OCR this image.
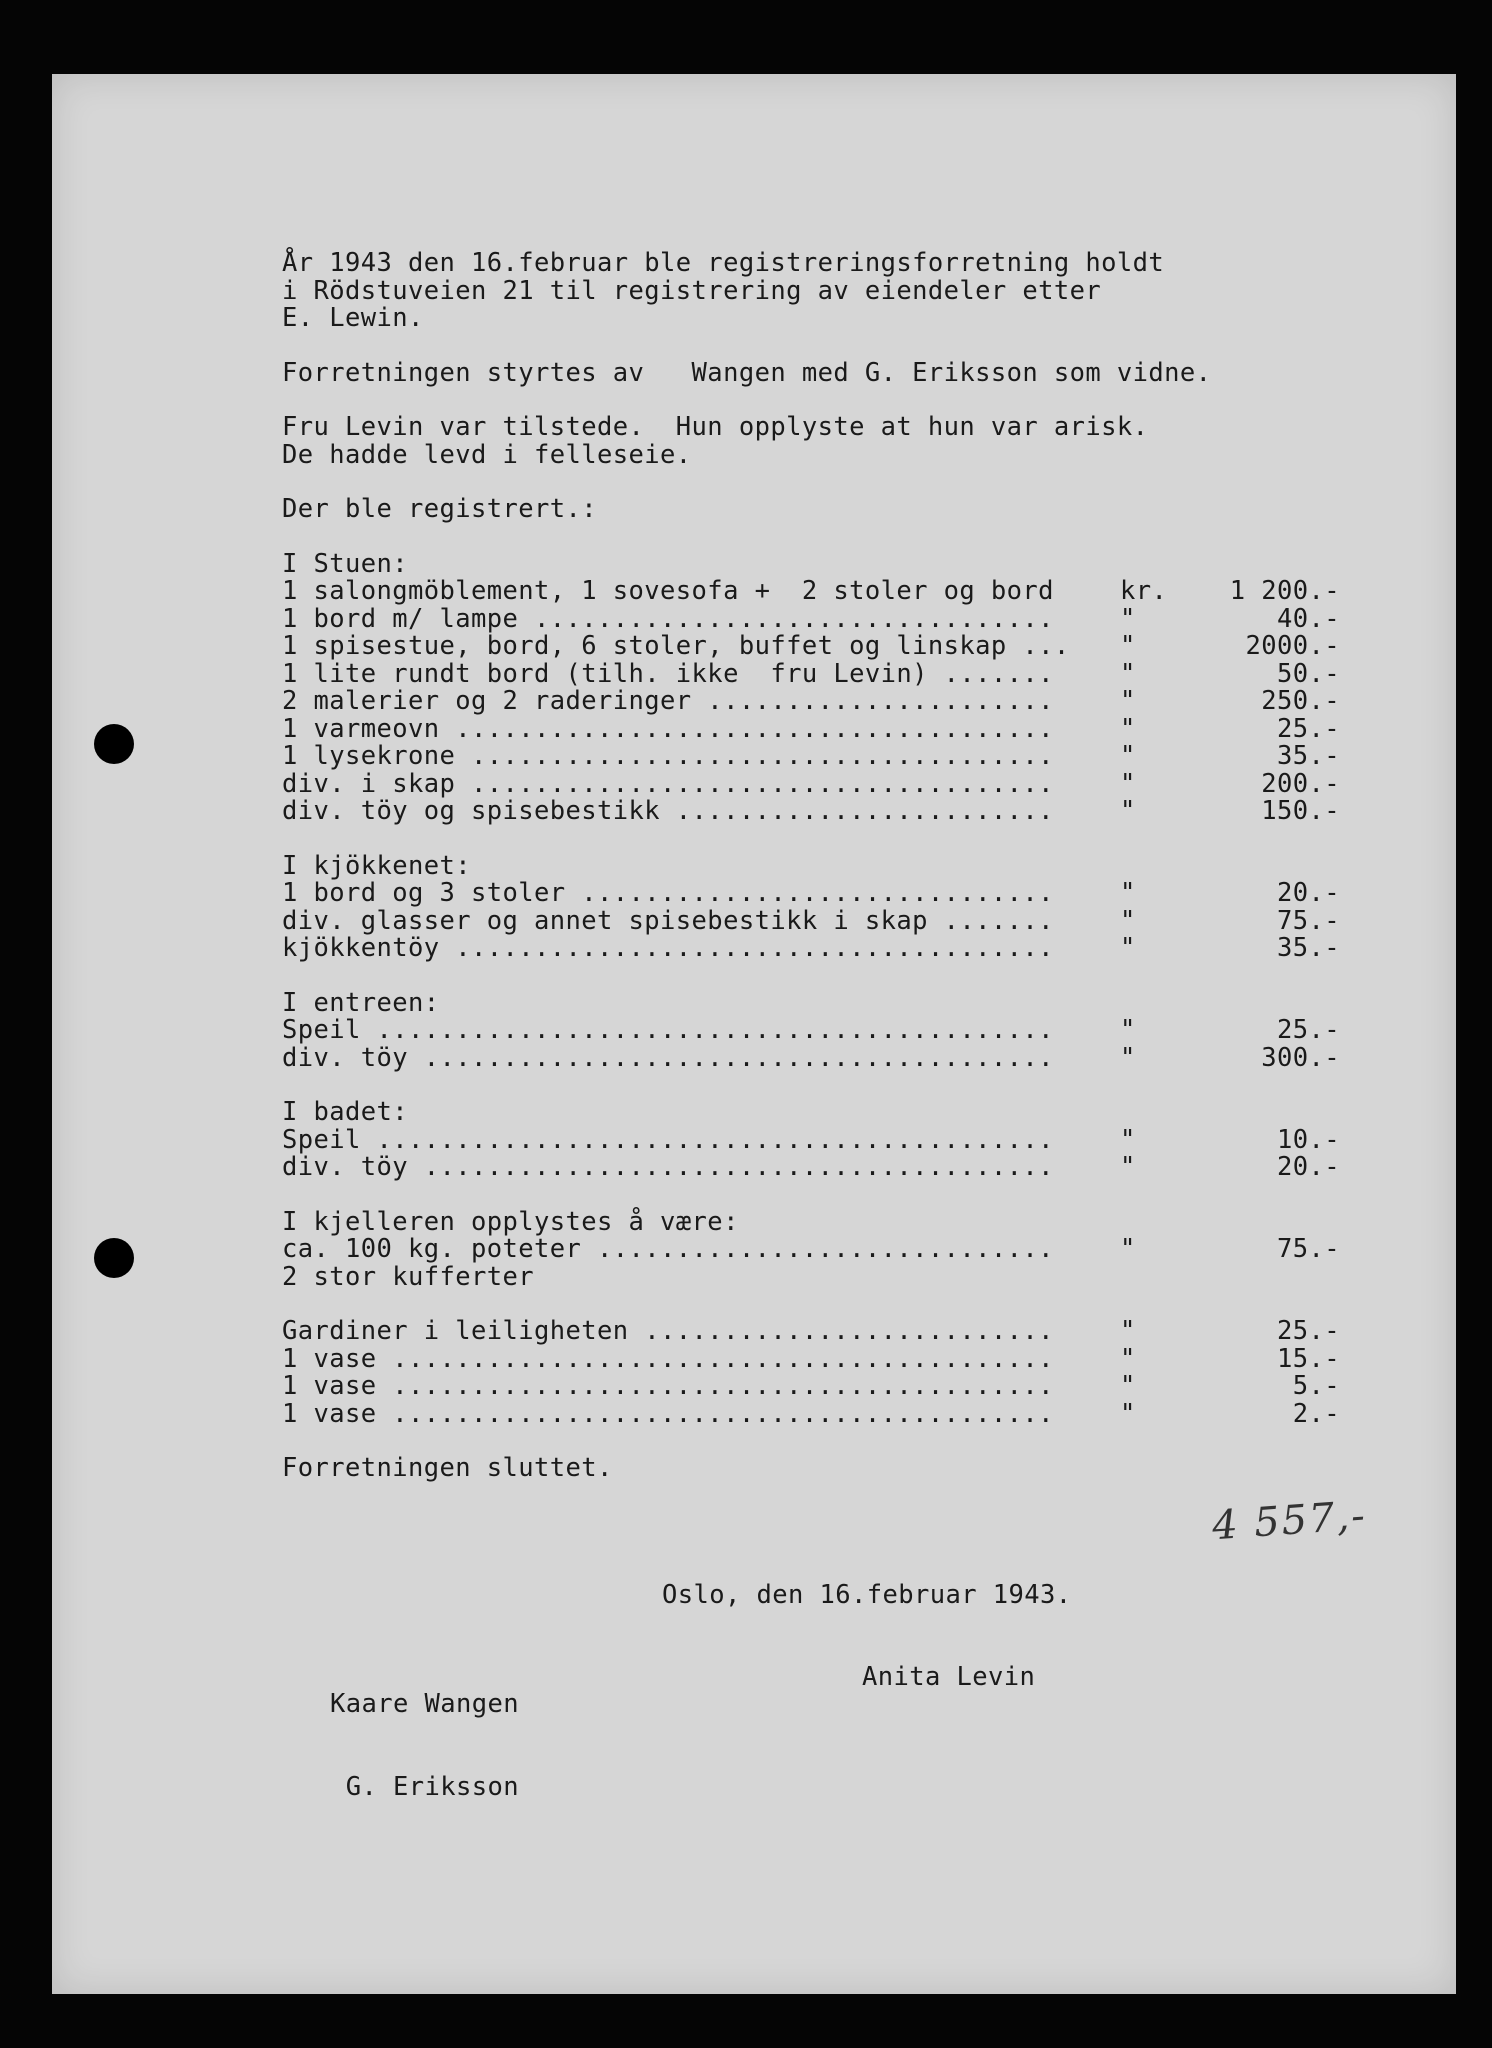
År 1943 den 16.februar ble registreringsforretning holdt

i Rödstuveien 21 til registrering av eiendeler etter

E. Lewin.

Forretningen styrtes av   Wangen med G. Eriksson som vidne.

Fru Levin var tilstede.  Hun opplyste at hun var arisk.

De hadde levd i felleseie.

Der ble registrert.:

I Stuen:

1 salongmöblement, 1 sovesofa +  2 stoler og bord	kr.	1 200.-
1 bord m/ lampe .................................	"	40.-
1 spisestue, bord, 6 stoler, buffet og linskap ...	"	2000.-
1 lite rundt bord (tilh. ikke  fru Levin) .......	"	50.-
2 malerier og 2 raderinger ......................	"	250.-
1 varmeovn ......................................	"	25.-
1 lysekrone .....................................	"	35.-
div. i skap .....................................	"	200.-
div. töy og spisebestikk ........................	"	150.-

I kjökkenet:

1 bord og 3 stoler ..............................	"	20.-
div. glasser og annet spisebestikk i skap .......	"	75.-
kjökkentöy ......................................	"	35.-

I entreen:

Speil ...........................................	"	25.-
div. töy ........................................	"	300.-

I badet:

Speil ...........................................	"	10.-
div. töy ........................................	"	20.-

I kjelleren opplystes å være:

ca. 100 kg. poteter .............................	"	75.-
2 stor kufferter
Gardiner i leiligheten ..........................	"	25.-
1 vase ..........................................	"	15.-
1 vase ..........................................	"	5.-
1 vase ..........................................	"	2.-

Forretningen sluttet.

4 557,-
Oslo, den 16.februar 1943.

Kaare Wangen

G. Eriksson

Anita Levin
